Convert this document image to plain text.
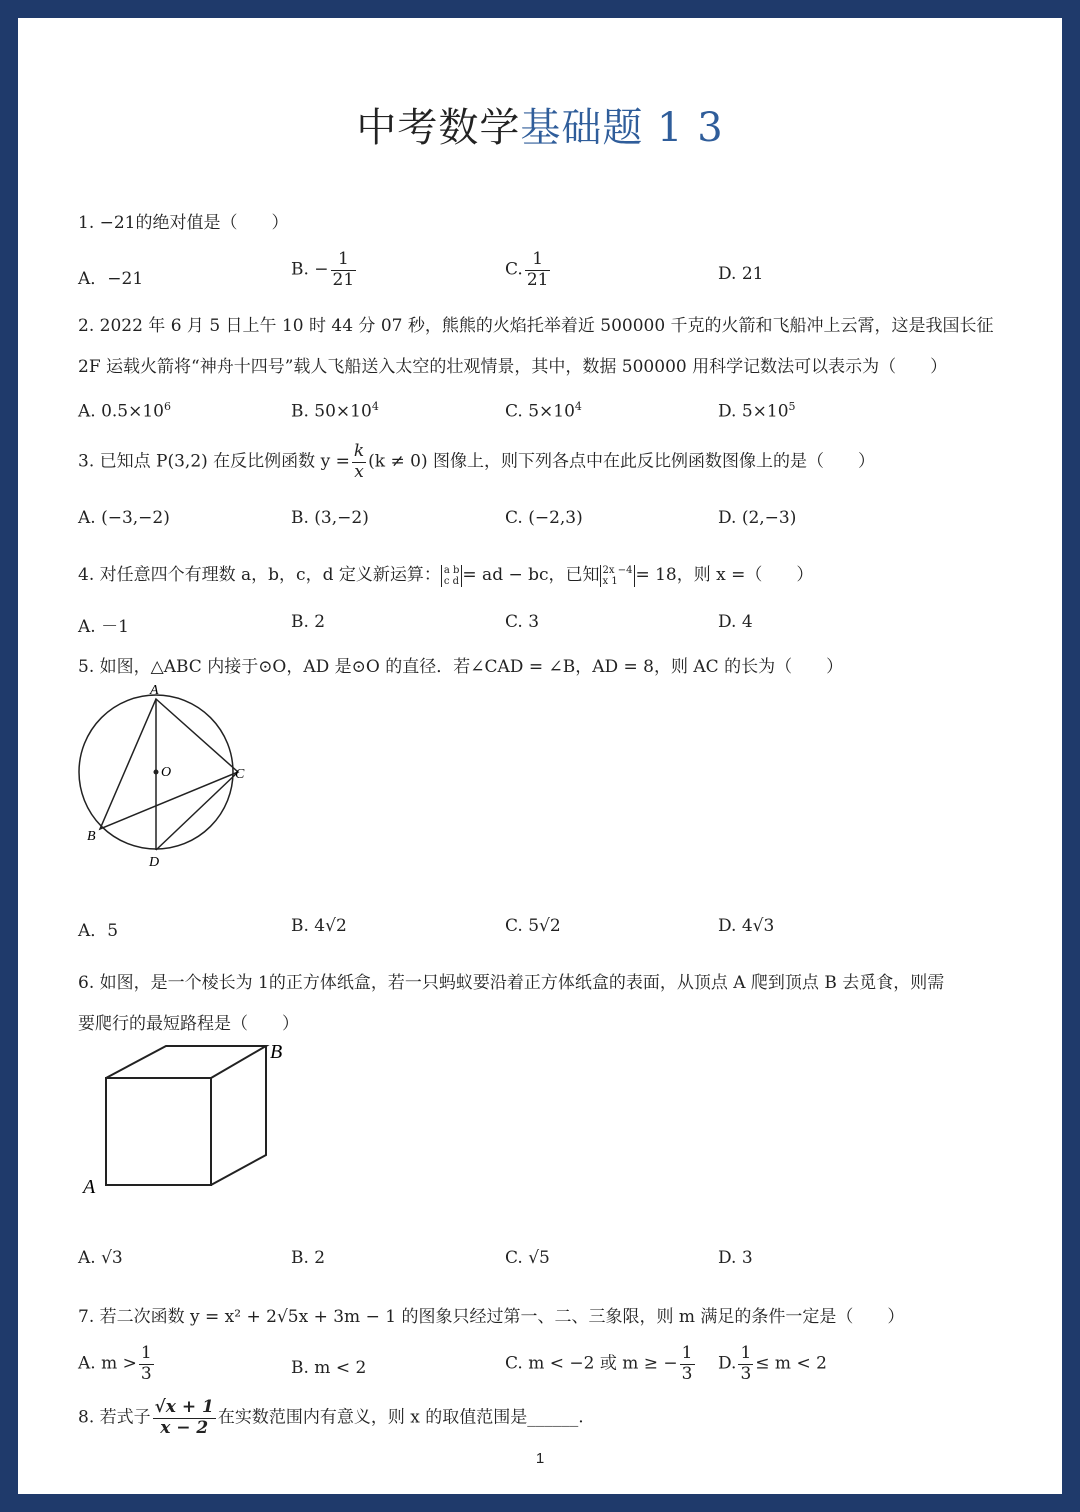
中考数学基础题 1 3
1. −21的绝对值是（　　）
A．−21	B. − $\frac{1}{21}$	C. $\frac{1}{21}$	D. 21
2. 2022 年 6 月 5 日上午 10 时 44 分 07 秒，熊熊的火焰托举着近 500000 千克的火箭和飞船冲上云霄，这是我国长征
2F 运载火箭将“神舟十四号”载人飞船送入太空的壮观情景，其中，数据 500000 用科学记数法可以表示为（　　）
A. $0.5\times 10^6$	B. $50\times 10^4$	C. $5\times 10^4$	D. $5\times 10^5$
3. 已知点 P(3,2) 在反比例函数 $y = \frac{k}{x} (k \ne 0)$ 图像上，则下列各点中在此反比例函数图像上的是（　　）
A. (−3,−2)	B. (3,−2)	C. (−2,3)	D. (2,−3)
4. 对任意四个有理数 a，b，c，d 定义新运算： a b
c d = ad − bc，已知 2x −4
x 1	= 18，则 x =（　　）
A. －1	B. 2	C. 3	D. 4
5. 如图，△ABC 内接于⊙O，AD 是⊙O 的直径．若∠CAD = ∠B，AD = 8，则 AC 的长为（　　）
A
O	C
B
D
A．5	B. 4√2	C. 5√2	D. 4√3
6. 如图，是一个棱长为 1的正方体纸盒，若一只蚂蚁要沿着正方体纸盒的表面，从顶点 A 爬到顶点 B 去觅食，则需
要爬行的最短路程是（　　）
B
A
A. √3	B. 2	C. √5	D. 3
7. 若二次函数 y = x² + 2√5x + 3m − 1 的图象只经过第一、二、三象限，则 m 满足的条件一定是（　　）
A. $m > \frac{1}{3}$	B. m < 2	C. m < −2 或 m ≥ − $\frac{1}{3} D$. $\frac{1}{3} \le m < 2$
8. 若式子 $\frac{√x + 1}{x - 2}$ 在实数范围内有意义，则 x 的取值范围是______.
1
